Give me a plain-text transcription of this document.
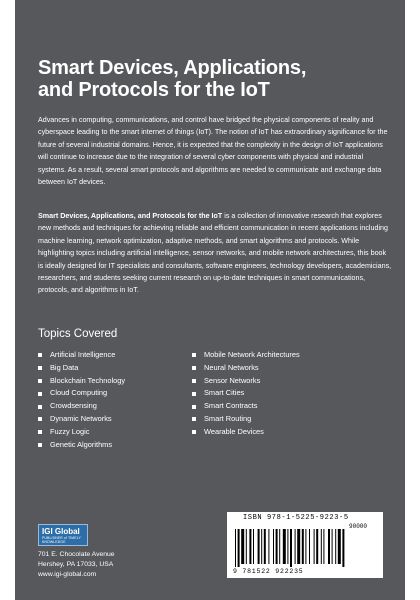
Smart Devices, Applications,
and Protocols for the IoT
Advances in computing, communications, and control have bridged the physical components of reality and cyberspace leading to the smart internet of things (IoT). The notion of IoT has extraordinary significance for the future of several industrial domains. Hence, it is expected that the complexity in the design of IoT applications will continue to increase due to the integration of several cyber components with physical and industrial systems. As a result, several smart protocols and algorithms are needed to communicate and exchange data between IoT devices.
Smart Devices, Applications, and Protocols for the IoT is a collection of innovative research that explores new methods and techniques for achieving reliable and efficient communication in recent applications including machine learning, network optimization, adaptive methods, and smart algorithms and protocols. While highlighting topics including artificial intelligence, sensor networks, and mobile network architectures, this book is ideally designed for IT specialists and consultants, software engineers, technology developers, academicians, researchers, and students seeking current research on up-to-date techniques in smart communications, protocols, and algorithms in IoT.
Topics Covered
Artificial Intelligence
Big Data
Blockchain Technology
Cloud Computing
Crowdsensing
Dynamic Networks
Fuzzy Logic
Genetic Algorithms
Mobile Network Architectures
Neural Networks
Sensor Networks
Smart Cities
Smart Contracts
Smart Routing
Wearable Devices
IGI Global
PUBLISHER of TIMELY KNOWLEDGE
701 E. Chocolate Avenue
Hershey, PA 17033, USA
www.igi-global.com
ISBN 978-1-5225-9223-5
90000
9 781522 922235
